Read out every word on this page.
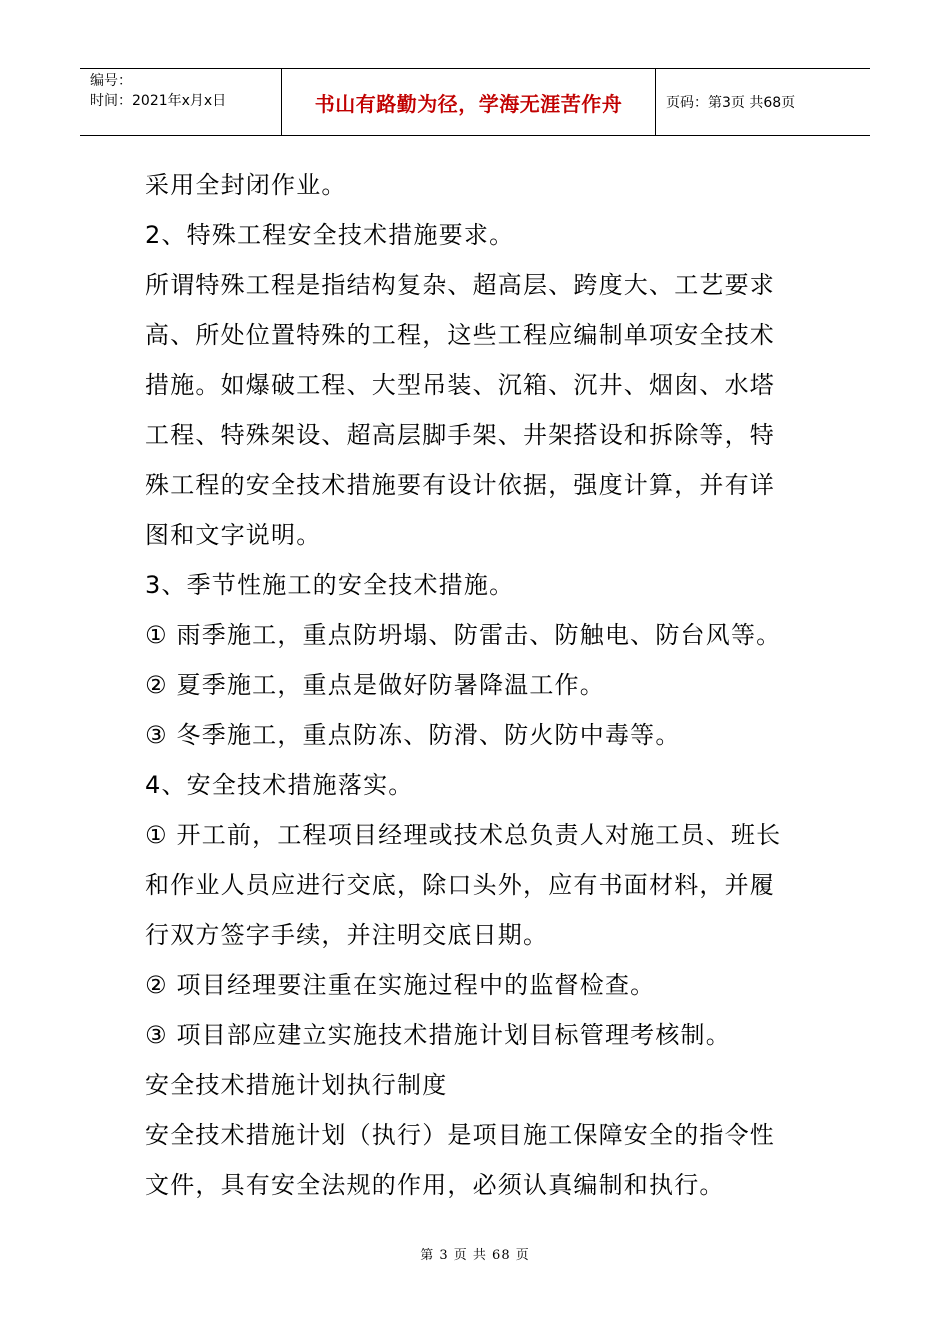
编号：
时间：2021年x月x日	书山有路勤为径，学海无涯苦作舟	页码：第3页 共68页

采用全封闭作业。

2、特殊工程安全技术措施要求。

所谓特殊工程是指结构复杂、超高层、跨度大、工艺要求

高、所处位置特殊的工程，这些工程应编制单项安全技术

措施。如爆破工程、大型吊装、沉箱、沉井、烟囱、水塔

工程、特殊架设、超高层脚手架、井架搭设和拆除等，特

殊工程的安全技术措施要有设计依据，强度计算，并有详

图和文字说明。

3、季节性施工的安全技术措施。

① 雨季施工，重点防坍塌、防雷击、防触电、防台风等。

② 夏季施工，重点是做好防暑降温工作。

③ 冬季施工，重点防冻、防滑、防火防中毒等。

4、安全技术措施落实。

① 开工前，工程项目经理或技术总负责人对施工员、班长

和作业人员应进行交底，除口头外，应有书面材料，并履

行双方签字手续，并注明交底日期。

② 项目经理要注重在实施过程中的监督检查。

③ 项目部应建立实施技术措施计划目标管理考核制。

安全技术措施计划执行制度

安全技术措施计划（执行）是项目施工保障安全的指令性

文件，具有安全法规的作用，必须认真编制和执行。

第 3 页 共 68 页
